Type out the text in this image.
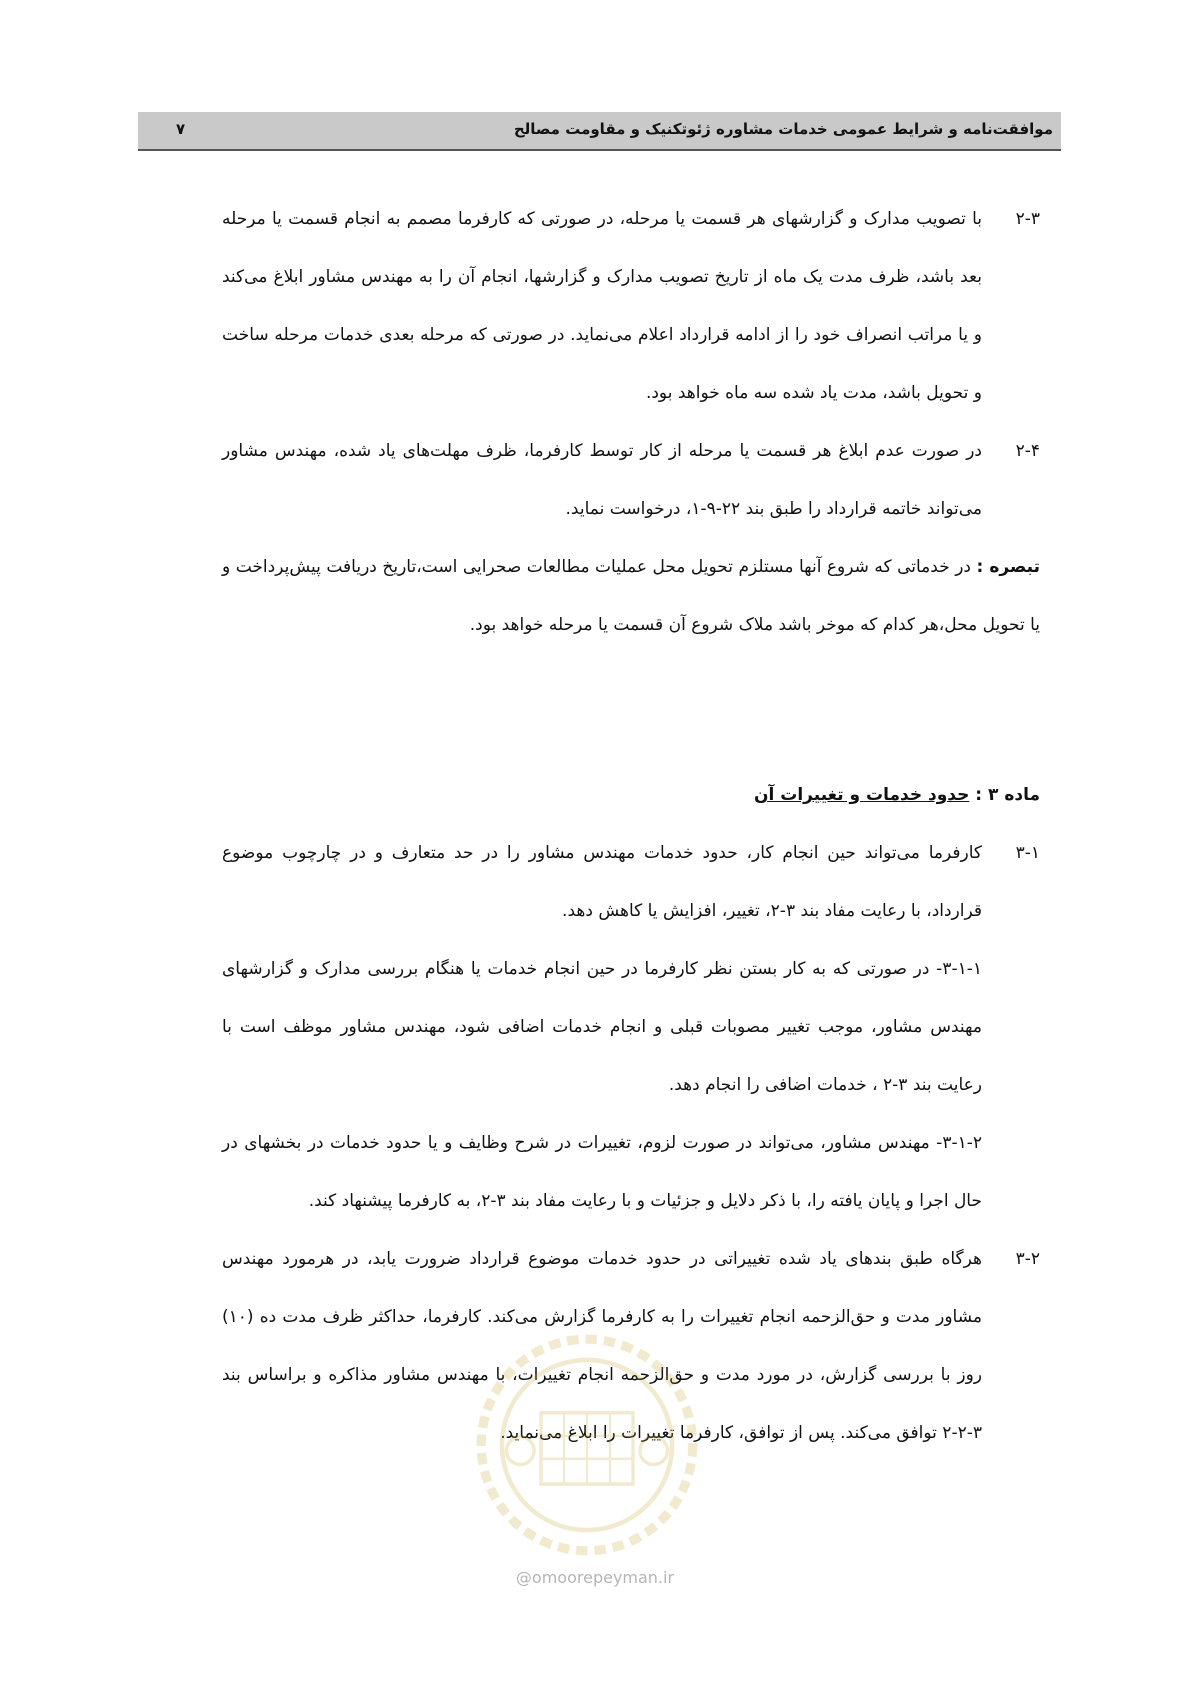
موافقت‌نامه و شرایط عمومی خدمات مشاوره ژئوتکنیک و مقاومت مصالح
۷
۲-۳
با تصویب مدارک و گزارشهای هر قسمت یا مرحله، در صورتی که کارفرما مصمم به انجام قسمت یا مرحله بعد باشد، ظرف مدت یک ماه از تاریخ تصویب مدارک و گزارشها، انجام آن را به مهندس مشاور ابلاغ می‌کند و یا مراتب انصراف خود را از ادامه قرارداد اعلام می‌نماید. در صورتی که مرحله بعدی خدمات مرحله ساخت و تحویل باشد، مدت یاد شده سه ماه خواهد بود.
۲-۴
در صورت عدم ابلاغ هر قسمت یا مرحله از کار توسط کارفرما، ظرف مهلت‌های یاد شده، مهندس مشاور می‌تواند خاتمه قرارداد را طبق بند ۲۲-۹-۱، درخواست نماید.
تبصره : در خدماتی که شروع آنها مستلزم تحویل محل عملیات مطالعات صحرایی است،تاریخ دریافت پیش‌پرداخت و یا تحویل محل،هر کدام که موخر باشد ملاک شروع آن قسمت یا مرحله خواهد بود.
ماده ۳ : حدود خدمات و تغییرات آن
۳-۱
کارفرما می‌تواند حین انجام کار، حدود خدمات مهندس مشاور را در حد متعارف و در چارچوب موضوع قرارداد، با رعایت مفاد بند ۳-۲، تغییر، افزایش یا کاهش دهد.
۳-۱-۱- در صورتی که به کار بستن نظر کارفرما در حین انجام خدمات یا هنگام بررسی مدارک و گزارشهای مهندس مشاور، موجب تغییر مصوبات قبلی و انجام خدمات اضافی شود، مهندس مشاور موظف است با رعایت بند ۳-۲ ، خدمات اضافی را انجام دهد.
۳-۱-۲- مهندس مشاور، می‌تواند در صورت لزوم، تغییرات در شرح وظایف و یا حدود خدمات در بخشهای در حال اجرا و پایان یافته را، با ذکر دلایل و جزئیات و با رعایت مفاد بند ۳-۲، به کارفرما پیشنهاد کند.
۳-۲
هرگاه طبق بندهای یاد شده تغییراتی در حدود خدمات موضوع قرارداد ضرورت یابد، در هرمورد مهندس مشاور مدت و حق‌الزحمه انجام تغییرات را به کارفرما گزارش می‌کند. کارفرما، حداکثر ظرف مدت ده (۱۰) روز با بررسی گزارش، در مورد مدت و حق‌الزحمه انجام تغییرات، با مهندس مشاور مذاکره و براساس بند ۳-۲-۲ توافق می‌کند. پس از توافق، کارفرما تغییرات را ابلاغ می‌نماید.
@omoorepeyman.ir
